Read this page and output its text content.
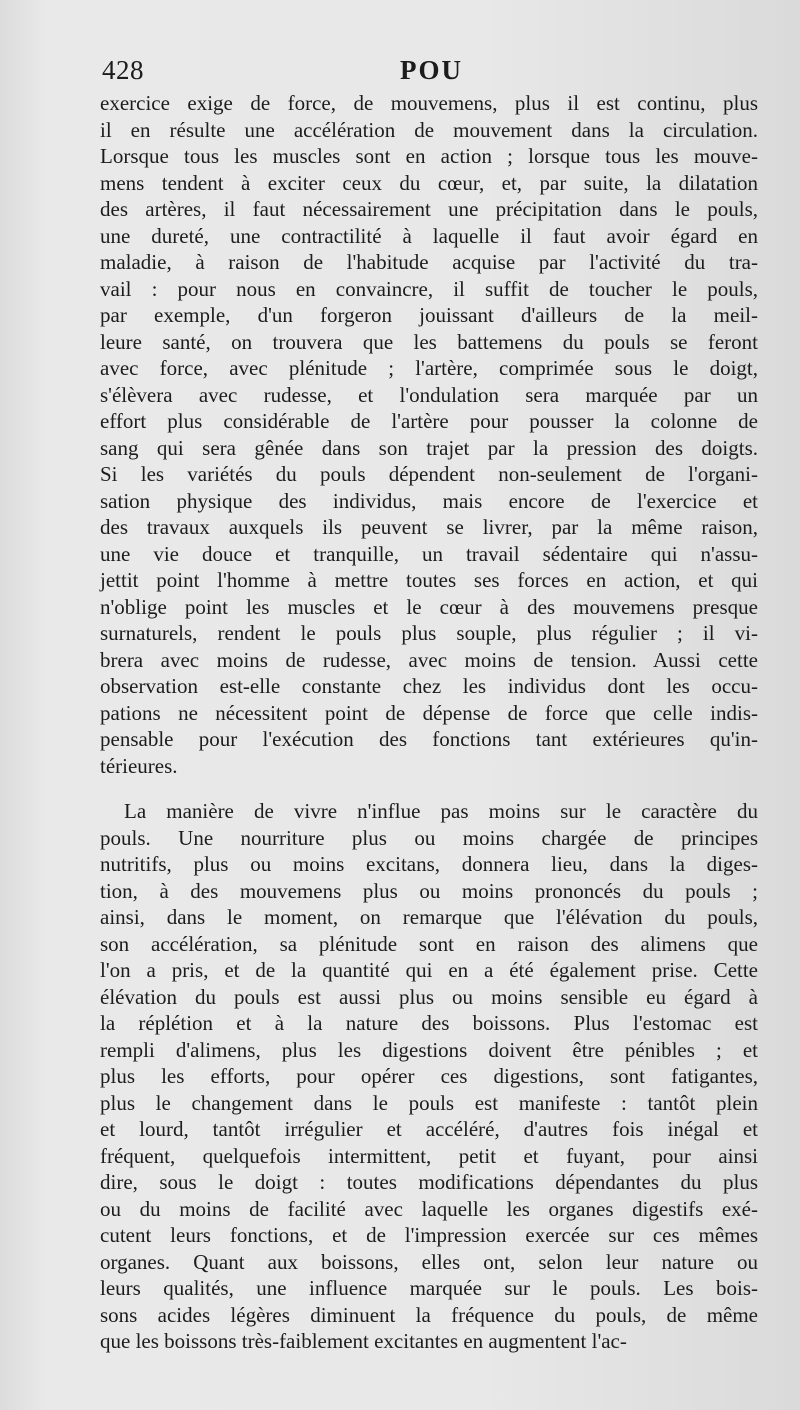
428	POU
exercice exige de force, de mouvemens, plus il est continu, plus
il en résulte une accélération de mouvement dans la circulation.
Lorsque tous les muscles sont en action ; lorsque tous les mouve-
mens tendent à exciter ceux du cœur, et, par suite, la dilatation
des artères, il faut nécessairement une précipitation dans le pouls,
une dureté, une contractilité à laquelle il faut avoir égard en
maladie, à raison de l'habitude acquise par l'activité du tra-
vail : pour nous en convaincre, il suffit de toucher le pouls,
par exemple, d'un forgeron jouissant d'ailleurs de la meil-
leure santé, on trouvera que les battemens du pouls se feront
avec force, avec plénitude ; l'artère, comprimée sous le doigt,
s'élèvera avec rudesse, et l'ondulation sera marquée par un
effort plus considérable de l'artère pour pousser la colonne de
sang qui sera gênée dans son trajet par la pression des doigts.
Si les variétés du pouls dépendent non-seulement de l'organi-
sation physique des individus, mais encore de l'exercice et
des travaux auxquels ils peuvent se livrer, par la même raison,
une vie douce et tranquille, un travail sédentaire qui n'assu-
jettit point l'homme à mettre toutes ses forces en action, et qui
n'oblige point les muscles et le cœur à des mouvemens presque
surnaturels, rendent le pouls plus souple, plus régulier ; il vi-
brera avec moins de rudesse, avec moins de tension. Aussi cette
observation est-elle constante chez les individus dont les occu-
pations ne nécessitent point de dépense de force que celle indis-
pensable pour l'exécution des fonctions tant extérieures qu'in-
térieures.
La manière de vivre n'influe pas moins sur le caractère du
pouls. Une nourriture plus ou moins chargée de principes
nutritifs, plus ou moins excitans, donnera lieu, dans la diges-
tion, à des mouvemens plus ou moins prononcés du pouls ;
ainsi, dans le moment, on remarque que l'élévation du pouls,
son accélération, sa plénitude sont en raison des alimens que
l'on a pris, et de la quantité qui en a été également prise. Cette
élévation du pouls est aussi plus ou moins sensible eu égard à
la réplétion et à la nature des boissons. Plus l'estomac est
rempli d'alimens, plus les digestions doivent être pénibles ; et
plus les efforts, pour opérer ces digestions, sont fatigantes,
plus le changement dans le pouls est manifeste : tantôt plein
et lourd, tantôt irrégulier et accéléré, d'autres fois inégal et
fréquent, quelquefois intermittent, petit et fuyant, pour ainsi
dire, sous le doigt : toutes modifications dépendantes du plus
ou du moins de facilité avec laquelle les organes digestifs exé-
cutent leurs fonctions, et de l'impression exercée sur ces mêmes
organes. Quant aux boissons, elles ont, selon leur nature ou
leurs qualités, une influence marquée sur le pouls. Les bois-
sons acides légères diminuent la fréquence du pouls, de même
que les boissons très-faiblement excitantes en augmentent l'ac-
